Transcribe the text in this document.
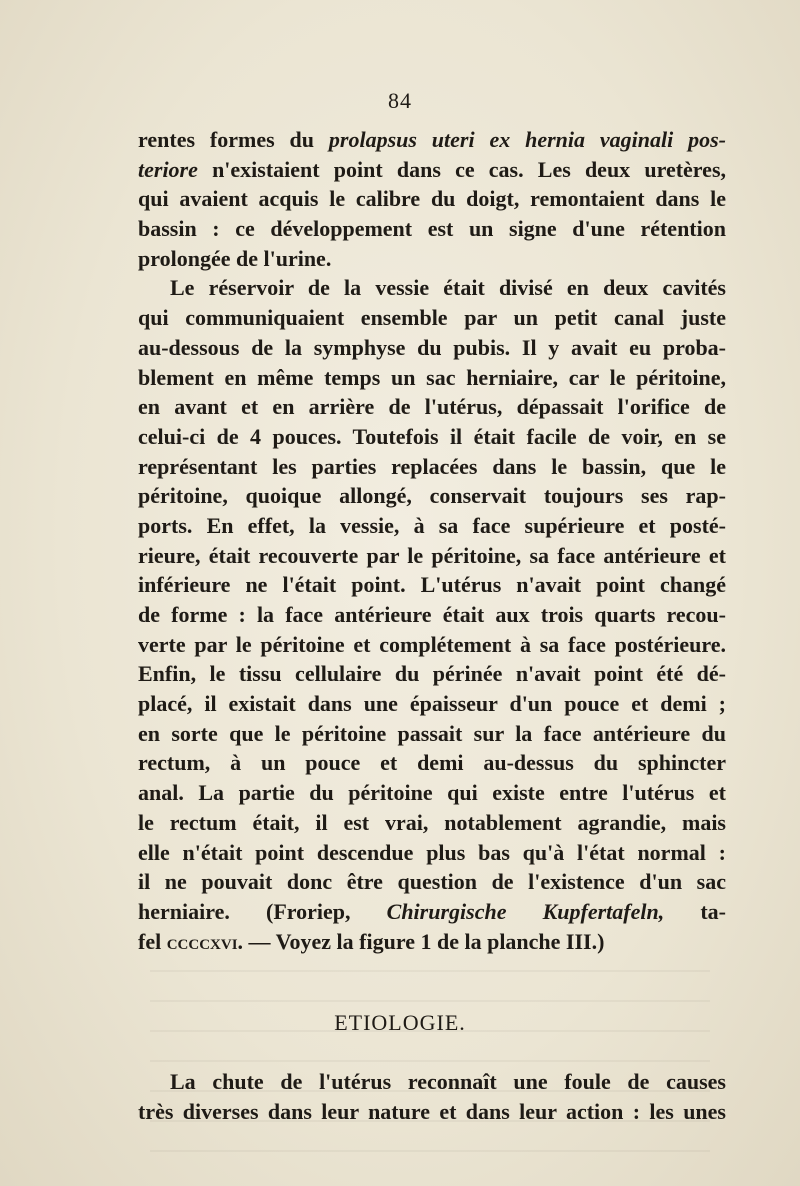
84
rentes formes du prolapsus uteri ex hernia vaginali pos-
teriore n'existaient point dans ce cas. Les deux uretères,
qui avaient acquis le calibre du doigt, remontaient dans le
bassin : ce développement est un signe d'une rétention
prolongée de l'urine.
Le réservoir de la vessie était divisé en deux cavités
qui communiquaient ensemble par un petit canal juste
au-dessous de la symphyse du pubis. Il y avait eu proba-
blement en même temps un sac herniaire, car le péritoine,
en avant et en arrière de l'utérus, dépassait l'orifice de
celui-ci de 4 pouces. Toutefois il était facile de voir, en se
représentant les parties replacées dans le bassin, que le
péritoine, quoique allongé, conservait toujours ses rap-
ports. En effet, la vessie, à sa face supérieure et posté-
rieure, était recouverte par le péritoine, sa face antérieure et
inférieure ne l'était point. L'utérus n'avait point changé
de forme : la face antérieure était aux trois quarts recou-
verte par le péritoine et complétement à sa face postérieure.
Enfin, le tissu cellulaire du périnée n'avait point été dé-
placé, il existait dans une épaisseur d'un pouce et demi ;
en sorte que le péritoine passait sur la face antérieure du
rectum, à un pouce et demi au-dessus du sphincter
anal. La partie du péritoine qui existe entre l'utérus et
le rectum était, il est vrai, notablement agrandie, mais
elle n'était point descendue plus bas qu'à l'état normal :
il ne pouvait donc être question de l'existence d'un sac
herniaire. (Froriep, Chirurgische Kupfertafeln, ta-
fel ccccxvi. — Voyez la figure 1 de la planche III.)
ETIOLOGIE.
La chute de l'utérus reconnaît une foule de causes
très diverses dans leur nature et dans leur action : les unes
